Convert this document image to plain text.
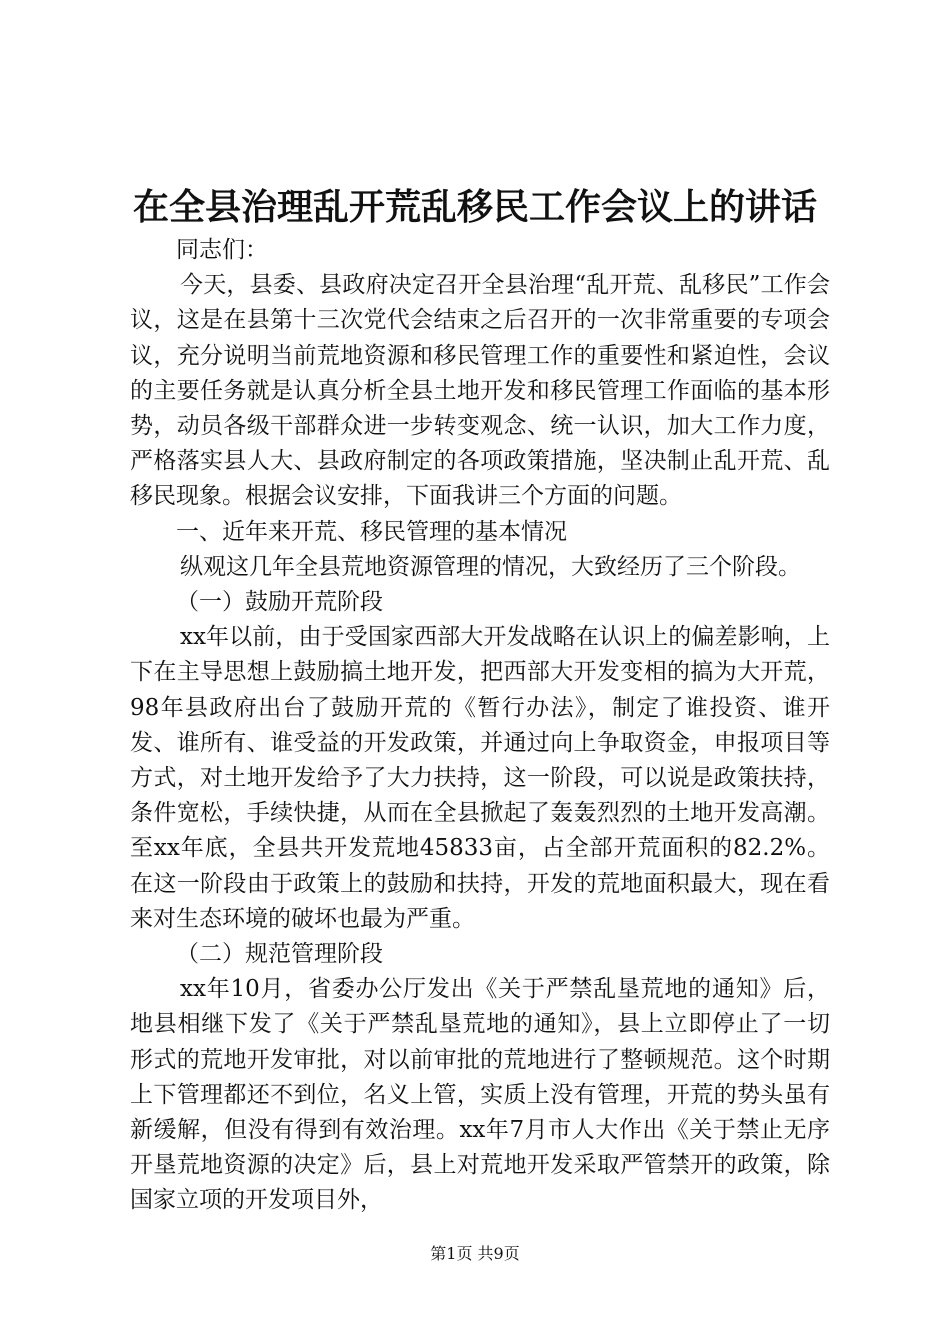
在全县治理乱开荒乱移民工作会议上的讲话

同志们：

今天，县委、县政府决定召开全县治理“乱开荒、乱移民”工作会议，这是在县第十三次党代会结束之后召开的一次非常重要的专项会议，充分说明当前荒地资源和移民管理工作的重要性和紧迫性，会议的主要任务就是认真分析全县土地开发和移民管理工作面临的基本形势，动员各级干部群众进一步转变观念、统一认识，加大工作力度，严格落实县人大、县政府制定的各项政策措施，坚决制止乱开荒、乱移民现象。根据会议安排，下面我讲三个方面的问题。

一、近年来开荒、移民管理的基本情况

纵观这几年全县荒地资源管理的情况，大致经历了三个阶段。

（一）鼓励开荒阶段

xx年以前，由于受国家西部大开发战略在认识上的偏差影响，上下在主导思想上鼓励搞土地开发，把西部大开发变相的搞为大开荒，98年县政府出台了鼓励开荒的《暂行办法》，制定了谁投资、谁开发、谁所有、谁受益的开发政策，并通过向上争取资金，申报项目等方式，对土地开发给予了大力扶持，这一阶段，可以说是政策扶持，条件宽松，手续快捷，从而在全县掀起了轰轰烈烈的土地开发高潮。至xx年底，全县共开发荒地45833亩，占全部开荒面积的82.2%。在这一阶段由于政策上的鼓励和扶持，开发的荒地面积最大，现在看来对生态环境的破坏也最为严重。

（二）规范管理阶段

xx年10月，省委办公厅发出《关于严禁乱垦荒地的通知》后，地县相继下发了《关于严禁乱垦荒地的通知》，县上立即停止了一切形式的荒地开发审批，对以前审批的荒地进行了整顿规范。这个时期上下管理都还不到位，名义上管，实质上没有管理，开荒的势头虽有新缓解，但没有得到有效治理。xx年7月市人大作出《关于禁止无序开垦荒地资源的决定》后，县上对荒地开发采取严管禁开的政策，除国家立项的开发项目外，

第1页 共9页
